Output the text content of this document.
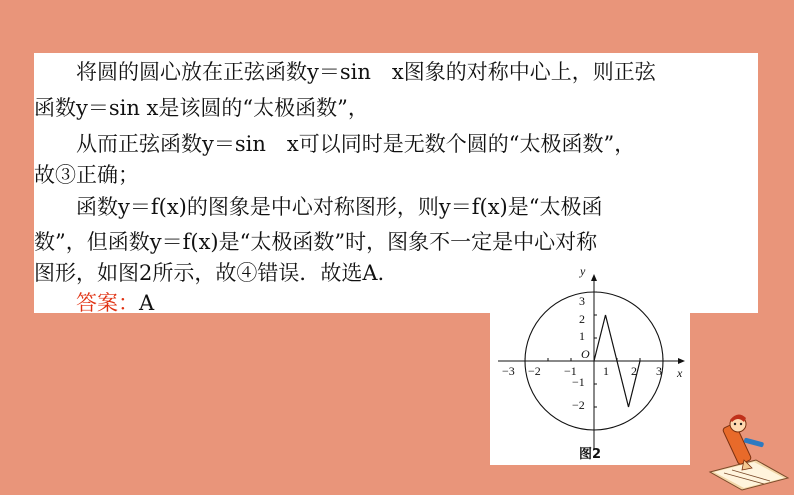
将圆的圆心放在正弦函数y＝sin　x图象的对称中心上，则正弦
函数y＝sin x是该圆的“太极函数”，
从而正弦函数y＝sin　x可以同时是无数个圆的“太极函数”，
故③正确；
函数y＝f(x)的图象是中心对称图形，则y＝f(x)是“太极函
数”，但函数y＝f(x)是“太极函数”时，图象不一定是中心对称
图形，如图2所示，故④错误．故选A.
答案：A
x
y
O
−3 −2 −1 1 2 3
3
2
1
−1
−2
图2
